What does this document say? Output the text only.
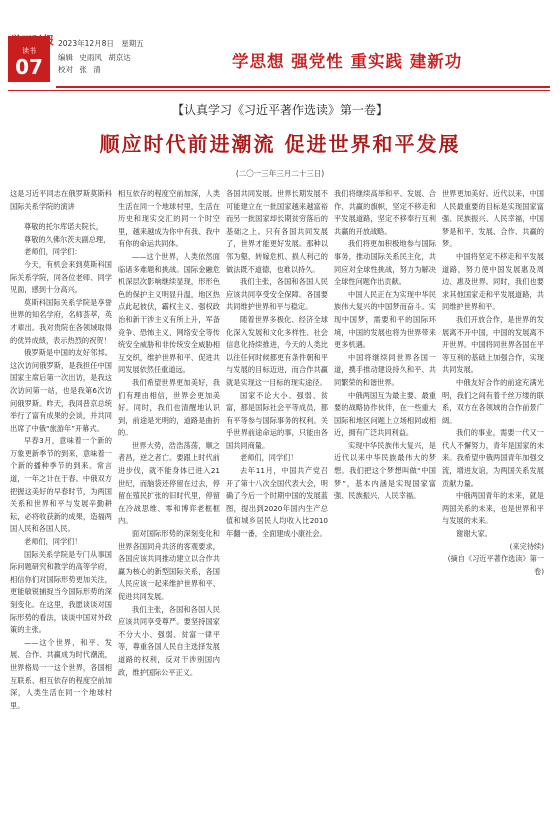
学习时报
读书
07
2023年12月8日 星期五
编辑 史雨风 胡京达
校对 张 清	学思想 强党性 重实践 建新功
【认真学习《习近平著作选读》第一卷】
顺应时代前进潮流 促进世界和平发展
(二〇一三年三月二十三日)

这是习近平同志在俄罗斯莫斯科国际关系学院的演讲

尊敬的托尔库诺夫院长，

尊敬的久佛尔茨夫副总理，

老师们，同学们：

今天，有机会来到莫斯科国际关系学院，同各位老师、同学见面，感到十分高兴。

莫斯科国际关系学院是享誉世界的知名学府，名师荟萃，英才辈出。我对贵院在各领域取得的优异成绩，表示热烈的祝贺！

俄罗斯是中国的友好邻邦。这次访问俄罗斯，是我担任中国国家主席后第一次出访，是我这次访问第一站，也是我第6次访问俄罗斯。昨天，我同普京总统举行了富有成果的会谈，并共同出席了中俄“旅游年”开幕式。

早春3月，意味着一个新的万象更新季节的到来，意味着一个新的播种季节的到来。常言道，一年之计在于春。中俄双方把握这美好的早春时节，为两国关系和世界和平与发展辛勤耕耘，必将收获新的成果，造福两国人民和各国人民。

老师们，同学们！

国际关系学院是专门从事国际问题研究和教学的高等学府，相信你们对国际形势更加关注，更能敏锐捕捉当今国际形势的深刻变化。在这里，我愿谈谈对国际形势的看法，谈谈中国对外政策的主张。

——这个世界，和平、发展、合作、共赢成为时代潮流，世界格局一一这个世界，各国相互联系、相互依存的程度空前加深，人类生活在同一个地球村里。

相互依存的程度空前加深，人类生活在同一个地球村里，生活在历史和现实交汇的同一个时空里，越来越成为你中有我、我中有你的命运共同体。

——这个世界，人类依然面临诸多难题和挑战。国际金融危机深层次影响继续显现，形形色色的保护主义明显升温，地区热点此起彼伏，霸权主义、强权政治和新干涉主义有所上升，军备竞争、恐怖主义、网络安全等传统安全威胁和非传统安全威胁相互交织，维护世界和平、促进共同发展依然任重道远。

我们希望世界更加美好，我们有理由相信，世界会更加美好。同时，我们也清醒地认识到，前途是光明的，道路是曲折的。

世界大势，浩浩荡荡，顺之者昌，逆之者亡。要跟上时代前进步伐，就不能身体已进入21世纪，而脑袋还停留在过去，停留在殖民扩张的旧时代里，停留在冷战思维、零和博弈老框框内。

面对国际形势的深刻变化和世界各国同舟共济的客观要求，各国应该共同推动建立以合作共赢为核心的新型国际关系，各国人民应该一起来维护世界和平、促进共同发展。

我们主张，各国和各国人民应该共同享受尊严。要坚持国家不分大小、强弱、贫富一律平等，尊重各国人民自主选择发展道路的权利，反对干涉别国内政，维护国际公平正义。

各国共同发展。世界长期发展不可能建立在一批国家越来越富裕而另一批国家却长期贫穷落后的基础之上。只有各国共同发展了，世界才能更好发展。那种以邻为壑、转嫁危机、损人利己的做法既不道德，也难以持久。

我们主张，各国和各国人民应该共同享受安全保障。各国要共同维护世界和平与稳定。

随着世界多极化、经济全球化深入发展和文化多样性、社会信息化持续推进，今天的人类比以往任何时候都更有条件朝和平与发展的目标迈进，而合作共赢就是实现这一目标的现实途径。

国家不论大小、强弱、贫富，都是国际社会平等成员，都有平等参与国际事务的权利。关乎世界前途命运的事，只能由各国共同商量。

老师们，同学们！

去年11月，中国共产党召开了第十八次全国代表大会，明确了今后一个时期中国的发展蓝图，提出到2020年国内生产总值和城乡居民人均收入比2010年翻一番，全面建成小康社会。

我们将继续高举和平、发展、合作、共赢的旗帜，坚定不移走和平发展道路，坚定不移奉行互利共赢的开放战略。

我们将更加积极地参与国际事务，推动国际关系民主化，共同应对全球性挑战，努力为解决全球性问题作出贡献。

中国人民正在为实现中华民族伟大复兴的中国梦而奋斗。实现中国梦，需要和平的国际环境，中国的发展也将为世界带来更多机遇。

中国将继续同世界各国一道，携手推动建设持久和平、共同繁荣的和谐世界。

中俄两国互为最主要、最重要的战略协作伙伴，在一些重大国际和地区问题上立场相同或相近，拥有广泛共同利益。

实现中华民族伟大复兴，是近代以来中华民族最伟大的梦想。我们把这个梦想叫做“中国梦”，基本内涵是实现国家富强、民族振兴、人民幸福。

世界更加美好。近代以来，中国人民最重要的目标是实现国家富强、民族振兴、人民幸福，中国梦是和平、发展、合作、共赢的梦。

中国将坚定不移走和平发展道路，努力使中国发展惠及周边、惠及世界。同时，我们也要求其他国家走和平发展道路，共同维护世界和平。

我们开放合作，是世界的发展离不开中国，中国的发展离不开世界。中国将同世界各国在平等互利的基础上加强合作，实现共同发展。

中俄友好合作的前途充满光明，我们之间有着千丝万缕的联系，双方在各领域的合作前景广阔。

我们的事业，需要一代又一代人不懈努力，青年是国家的未来。我希望中俄两国青年加强交流，增进友谊，为两国关系发展贡献力量。

中俄两国青年的未来，就是两国关系的未来，也是世界和平与发展的未来。

谢谢大家。

(来完待续)

(摘自《习近平著作选读》第一卷)
